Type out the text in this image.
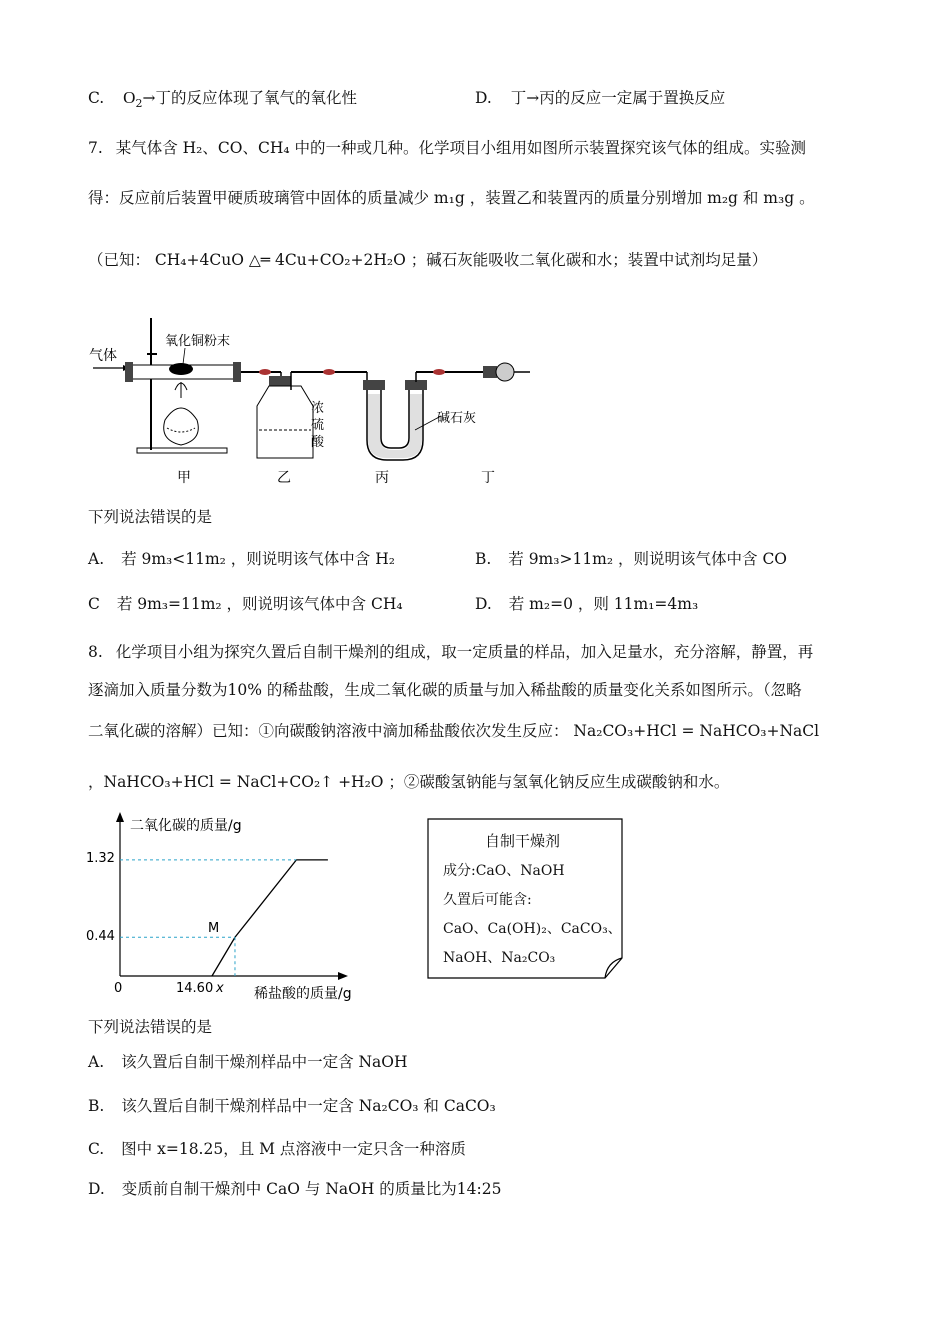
C. $O_2\to$丁的反应体现了氧气的氧化性	D. 丁→丙的反应一定属于置换反应
7. 某气体含 H₂、CO、CH₄ 中的一种或几种。化学项目小组用如图所示装置探究该气体的组成。实验测
得：反应前后装置甲硬质玻璃管中固体的质量减少 m₁g ，装置乙和装置丙的质量分别增加 m₂g 和 m₃g 。
（已知： CH₄+4CuO △═ 4Cu+CO₂+2H₂O ；碱石灰能吸收二氧化碳和水；装置中试剂均足量）
气体
氧化铜粉末
浓
硫
酸
碱石灰
甲	乙	丙	丁
下列说法错误的是
A. 若 9m₃<11m₂ ，则说明该气体中含 H₂	B. 若 9m₃>11m₂ ，则说明该气体中含 CO
C 若 9m₃=11m₂ ，则说明该气体中含 CH₄	D. 若 m₂=0 ，则 11m₁=4m₃
8. 化学项目小组为探究久置后自制干燥剂的组成，取一定质量的样品，加入足量水，充分溶解，静置，再
逐滴加入质量分数为10% 的稀盐酸，生成二氧化碳的质量与加入稀盐酸的质量变化关系如图所示。（忽略
二氧化碳的溶解）已知：①向碳酸钠溶液中滴加稀盐酸依次发生反应： Na₂CO₃+HCl = NaHCO₃+NaCl
，NaHCO₃+HCl = NaCl+CO₂↑ +H₂O ；②碳酸氢钠能与氢氧化钠反应生成碳酸钠和水。
二氧化碳的质量/g
稀盐酸的质量/g
0
0.44
1.32
14.60 x
M
自制干燥剂
成分:CaO、NaOH
久置后可能含:
CaO、Ca(OH)₂、CaCO₃、
NaOH、Na₂CO₃
下列说法错误的是
A. 该久置后自制干燥剂样品中一定含 NaOH
B. 该久置后自制干燥剂样品中一定含 Na₂CO₃ 和 CaCO₃
C. 图中 x=18.25，且 M 点溶液中一定只含一种溶质
D. 变质前自制干燥剂中 CaO 与 NaOH 的质量比为14:25
